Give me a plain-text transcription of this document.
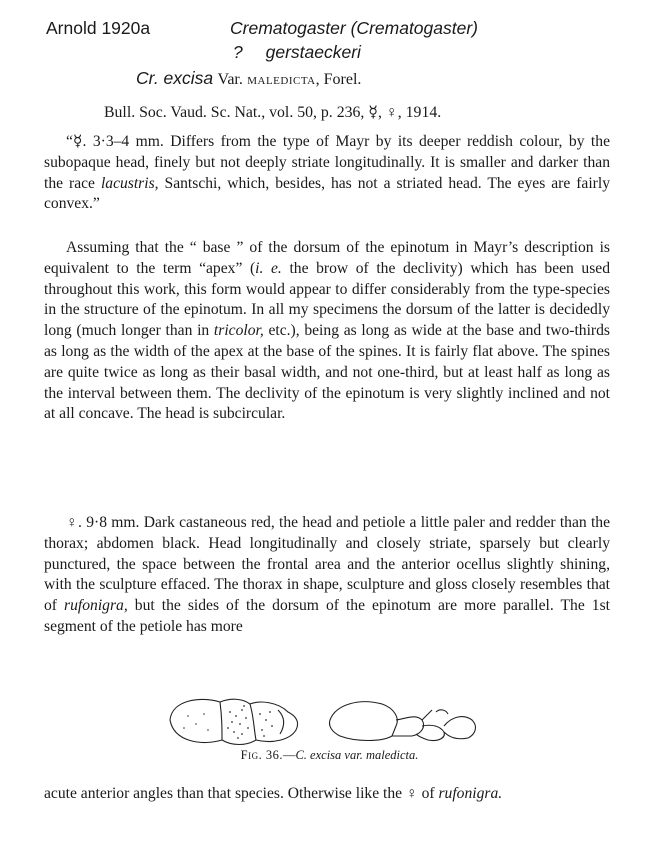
Arnold 1920a	Crematogaster (Crematogaster)
? gerstaeckeri
Cr. excisa Var. maledicta, Forel.
Bull. Soc. Vaud. Sc. Nat., vol. 50, p. 236, ☿, ♀, 1914.

“☿. 3·3–4 mm. Differs from the type of Mayr by its deeper reddish colour, by the subopaque head, finely but not deeply striate longitudinally. It is smaller and darker than the race lacustris, Santschi, which, besides, has not a striated head. The eyes are fairly convex.”

Assuming that the “ base ” of the dorsum of the epinotum in Mayr’s description is equivalent to the term “apex” (i. e. the brow of the declivity) which has been used throughout this work, this form would appear to differ considerably from the type-species in the structure of the epinotum. In all my specimens the dorsum of the latter is decidedly long (much longer than in tricolor, etc.), being as long as wide at the base and two-thirds as long as the width of the apex at the base of the spines. It is fairly flat above. The spines are quite twice as long as their basal width, and not one-third, but at least half as long as the interval between them. The declivity of the epinotum is very slightly inclined and not at all concave. The head is subcircular.

♀. 9·8 mm. Dark castaneous red, the head and petiole a little paler and redder than the thorax; abdomen black. Head longitudinally and closely striate, sparsely but clearly punctured, the space between the frontal area and the anterior ocellus slightly shining, with the sculpture effaced. The thorax in shape, sculpture and gloss closely resembles that of rufonigra, but the sides of the dorsum of the epinotum are more parallel. The 1st segment of the petiole has more

Fig. 36.—C. excisa var. maledicta.

acute anterior angles than that species. Otherwise like the ♀ of rufonigra.
